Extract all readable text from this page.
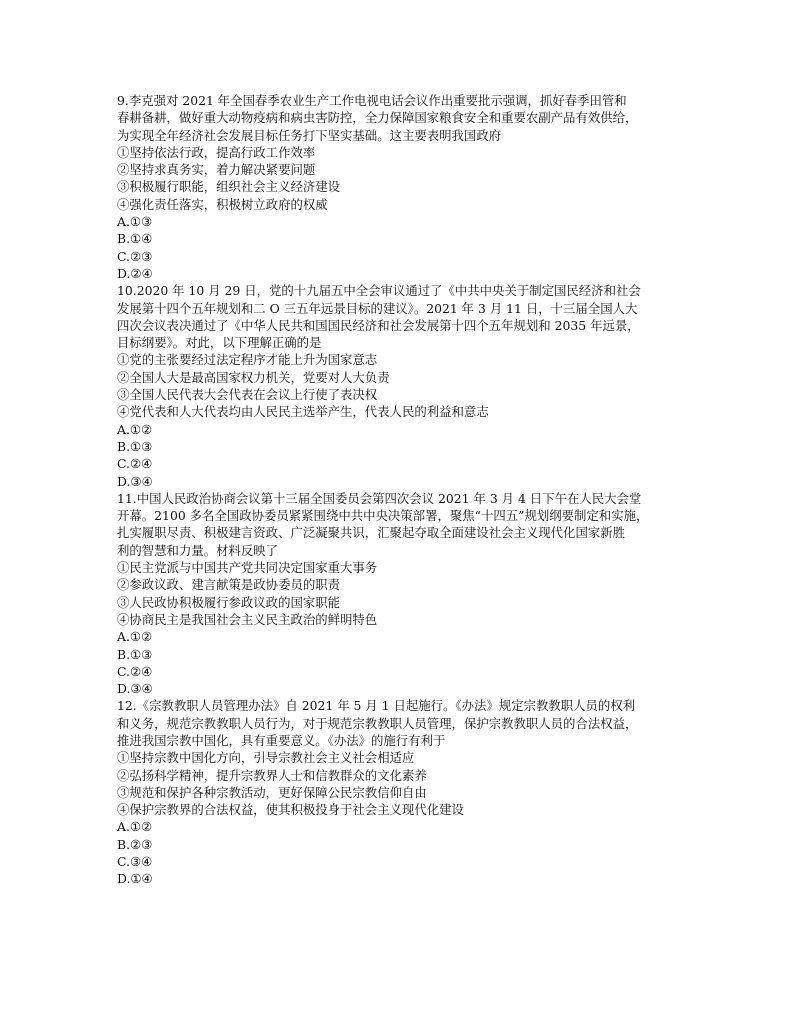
9.李克强对 2021 年全国春季农业生产工作电视电话会议作出重要批示强调，抓好春季田管和
春耕备耕，做好重大动物疫病和病虫害防控，全力保障国家粮食安全和重要农副产品有效供给，
为实现全年经济社会发展目标任务打下坚实基础。这主要表明我国政府
①坚持依法行政，提高行政工作效率
②坚持求真务实，着力解决紧要问题
③积极履行职能，组织社会主义经济建设
④强化责任落实，积极树立政府的权威
A.①③
B.①④
C.②③
D.②④
10.2020 年 10 月 29 日，党的十九届五中全会审议通过了《中共中央关于制定国民经济和社会
发展第十四个五年规划和二 O 三五年远景目标的建议》。2021 年 3 月 11 日，十三届全国人大
四次会议表决通过了《中华人民共和国国民经济和社会发展第十四个五年规划和 2035 年远景，
目标纲要》。对此，以下理解正确的是
①党的主张要经过法定程序才能上升为国家意志
②全国人大是最高国家权力机关，党要对人大负责
③全国人民代表大会代表在会议上行使了表决权
④党代表和人大代表均由人民民主选举产生，代表人民的利益和意志
A.①②
B.①③
C.②④
D.③④
11.中国人民政治协商会议第十三届全国委员会第四次会议 2021 年 3 月 4 日下午在人民大会堂
开幕。2100 多名全国政协委员紧紧围绕中共中央决策部署，聚焦“十四五”规划纲要制定和实施，
扎实履职尽责、积极建言资政、广泛凝聚共识，汇聚起夺取全面建设社会主义现代化国家新胜
利的智慧和力量。材料反映了
①民主党派与中国共产党共同决定国家重大事务
②参政议政、建言献策是政协委员的职责
③人民政协积极履行参政议政的国家职能
④协商民主是我国社会主义民主政治的鲜明特色
A.①②
B.①③
C.②④
D.③④
12.《宗教教职人员管理办法》自 2021 年 5 月 1 日起施行。《办法》规定宗教教职人员的权利
和义务，规范宗教教职人员行为，对于规范宗教教职人员管理，保护宗教教职人员的合法权益，
推进我国宗教中国化，具有重要意义。《办法》的施行有利于
①坚持宗教中国化方向，引导宗教社会主义社会相适应
②弘扬科学精神，提升宗教界人士和信教群众的文化素养
③规范和保护各种宗教活动，更好保障公民宗教信仰自由
④保护宗教界的合法权益，使其积极投身于社会主义现代化建设
A.①②
B.②③
C.③④
D.①④
